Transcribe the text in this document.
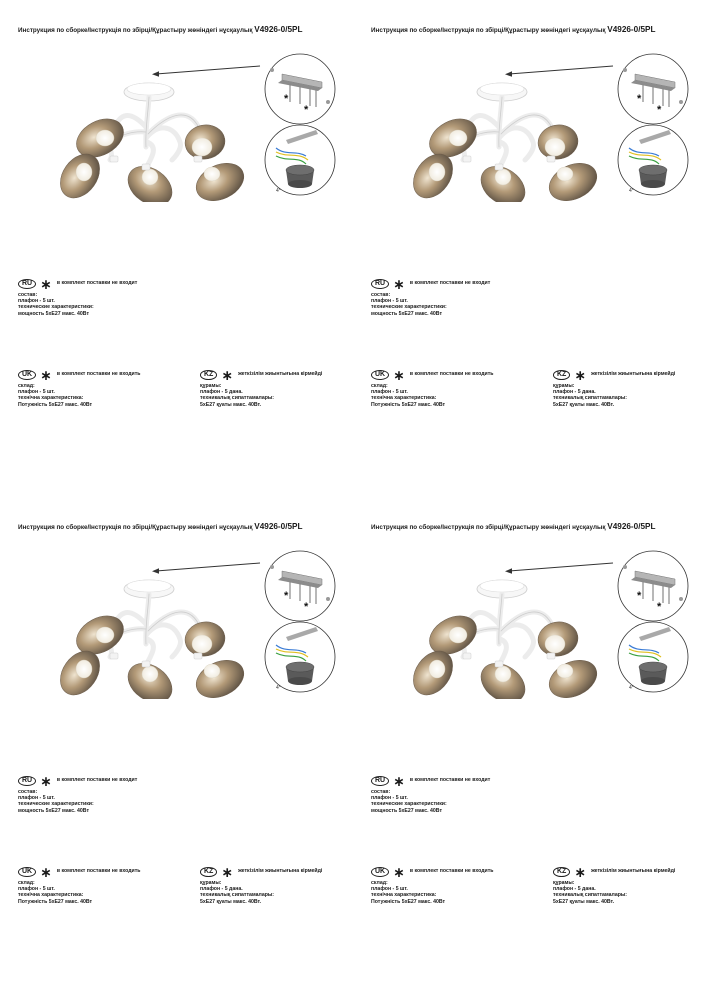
Инструкция по сборке/Інструкція по збірці/Құрастыру жөніндегі нұсқаулық V4926-0/5PL
*
*
4°
RU ∗ в комплект поставки не входит
состав:
плафон - 5 шт.
технические характеристики:
мощность 5хЕ27 макс. 40Вт
UK ∗ в комплект поставки не входить
склад:
плафон - 5 шт.
технічна характеристика:
Потужність 5хЕ27 макс. 40Вт
KZ ∗ жеткізілім жиынтығына кірмейді
құрамы:
плафон - 5 дана.
техникалық сипаттамалары:
5хЕ27 қуаты макс. 40Вт.
Инструкция по сборке/Інструкція по збірці/Құрастыру жөніндегі нұсқаулық V4926-0/5PL
*
*
4°
RU ∗ в комплект поставки не входит
состав:
плафон - 5 шт.
технические характеристики:
мощность 5хЕ27 макс. 40Вт
UK ∗ в комплект поставки не входить
склад:
плафон - 5 шт.
технічна характеристика:
Потужність 5хЕ27 макс. 40Вт
KZ ∗ жеткізілім жиынтығына кірмейді
құрамы:
плафон - 5 дана.
техникалық сипаттамалары:
5хЕ27 қуаты макс. 40Вт.
Инструкция по сборке/Інструкція по збірці/Құрастыру жөніндегі нұсқаулық V4926-0/5PL
*
*
4°
RU ∗ в комплект поставки не входит
состав:
плафон - 5 шт.
технические характеристики:
мощность 5хЕ27 макс. 40Вт
UK ∗ в комплект поставки не входить
склад:
плафон - 5 шт.
технічна характеристика:
Потужність 5хЕ27 макс. 40Вт
KZ ∗ жеткізілім жиынтығына кірмейді
құрамы:
плафон - 5 дана.
техникалық сипаттамалары:
5хЕ27 қуаты макс. 40Вт.
Инструкция по сборке/Інструкція по збірці/Құрастыру жөніндегі нұсқаулық V4926-0/5PL
*
*
4°
RU ∗ в комплект поставки не входит
состав:
плафон - 5 шт.
технические характеристики:
мощность 5хЕ27 макс. 40Вт
UK ∗ в комплект поставки не входить
склад:
плафон - 5 шт.
технічна характеристика:
Потужність 5хЕ27 макс. 40Вт
KZ ∗ жеткізілім жиынтығына кірмейді
құрамы:
плафон - 5 дана.
техникалық сипаттамалары:
5хЕ27 қуаты макс. 40Вт.
